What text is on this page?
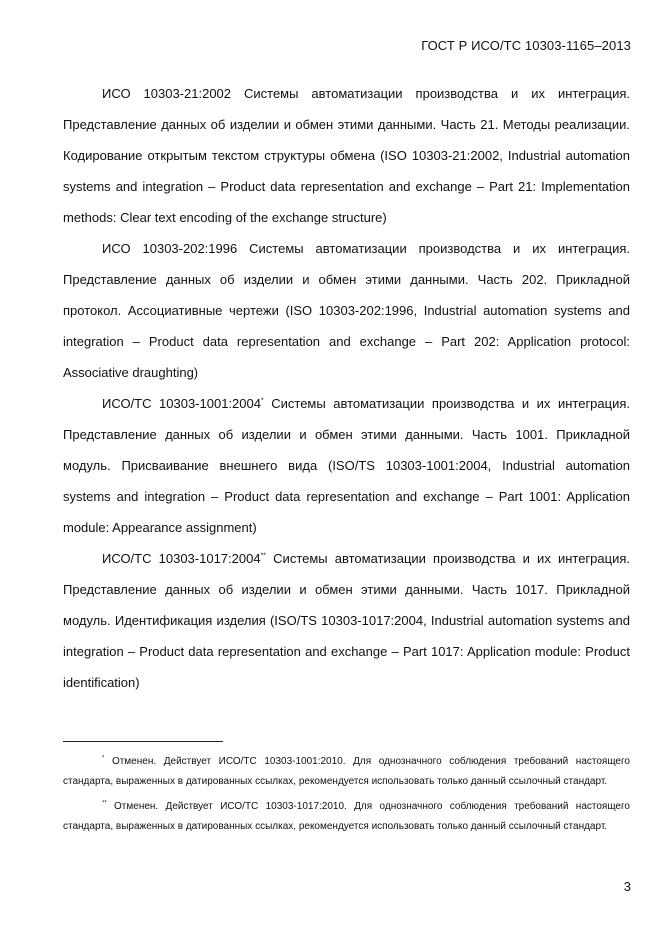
ГОСТ Р ИСО/ТС 10303-1165–2013

ИСО 10303-21:2002 Системы автоматизации производства и их интеграция. Представление данных об изделии и обмен этими данными. Часть 21. Методы реализации. Кодирование открытым текстом структуры обмена (ISO 10303-21:2002, Industrial automation systems and integration – Product data representation and exchange – Part 21: Implementation methods: Clear text encoding of the exchange structure)

ИСО 10303-202:1996 Системы автоматизации производства и их интеграция. Представление данных об изделии и обмен этими данными. Часть 202. Прикладной протокол. Ассоциативные чертежи (ISO 10303-202:1996, Industrial automation systems and integration – Product data representation and exchange – Part 202: Application protocol: Associative draughting)

ИСО/ТС 10303-1001:2004* Системы автоматизации производства и их интеграция. Представление данных об изделии и обмен этими данными. Часть 1001. Прикладной модуль. Присваивание внешнего вида (ISO/TS 10303-1001:2004, Industrial automation systems and integration – Product data representation and exchange – Part 1001: Application module: Appearance assignment)

ИСО/ТС 10303-1017:2004** Системы автоматизации производства и их интеграция. Представление данных об изделии и обмен этими данными. Часть 1017. Прикладной модуль. Идентификация изделия (ISO/TS 10303-1017:2004, Industrial automation systems and integration – Product data representation and exchange – Part 1017: Application module: Product identification)

* Отменен. Действует ИСО/ТС 10303-1001:2010. Для однозначного соблюдения требований настоящего стандарта, выраженных в датированных ссылках, рекомендуется использовать только данный ссылочный стандарт.

** Отменен. Действует ИСО/ТС 10303-1017:2010. Для однозначного соблюдения требований настоящего стандарта, выраженных в датированных ссылках, рекомендуется использовать только данный ссылочный стандарт.

3
